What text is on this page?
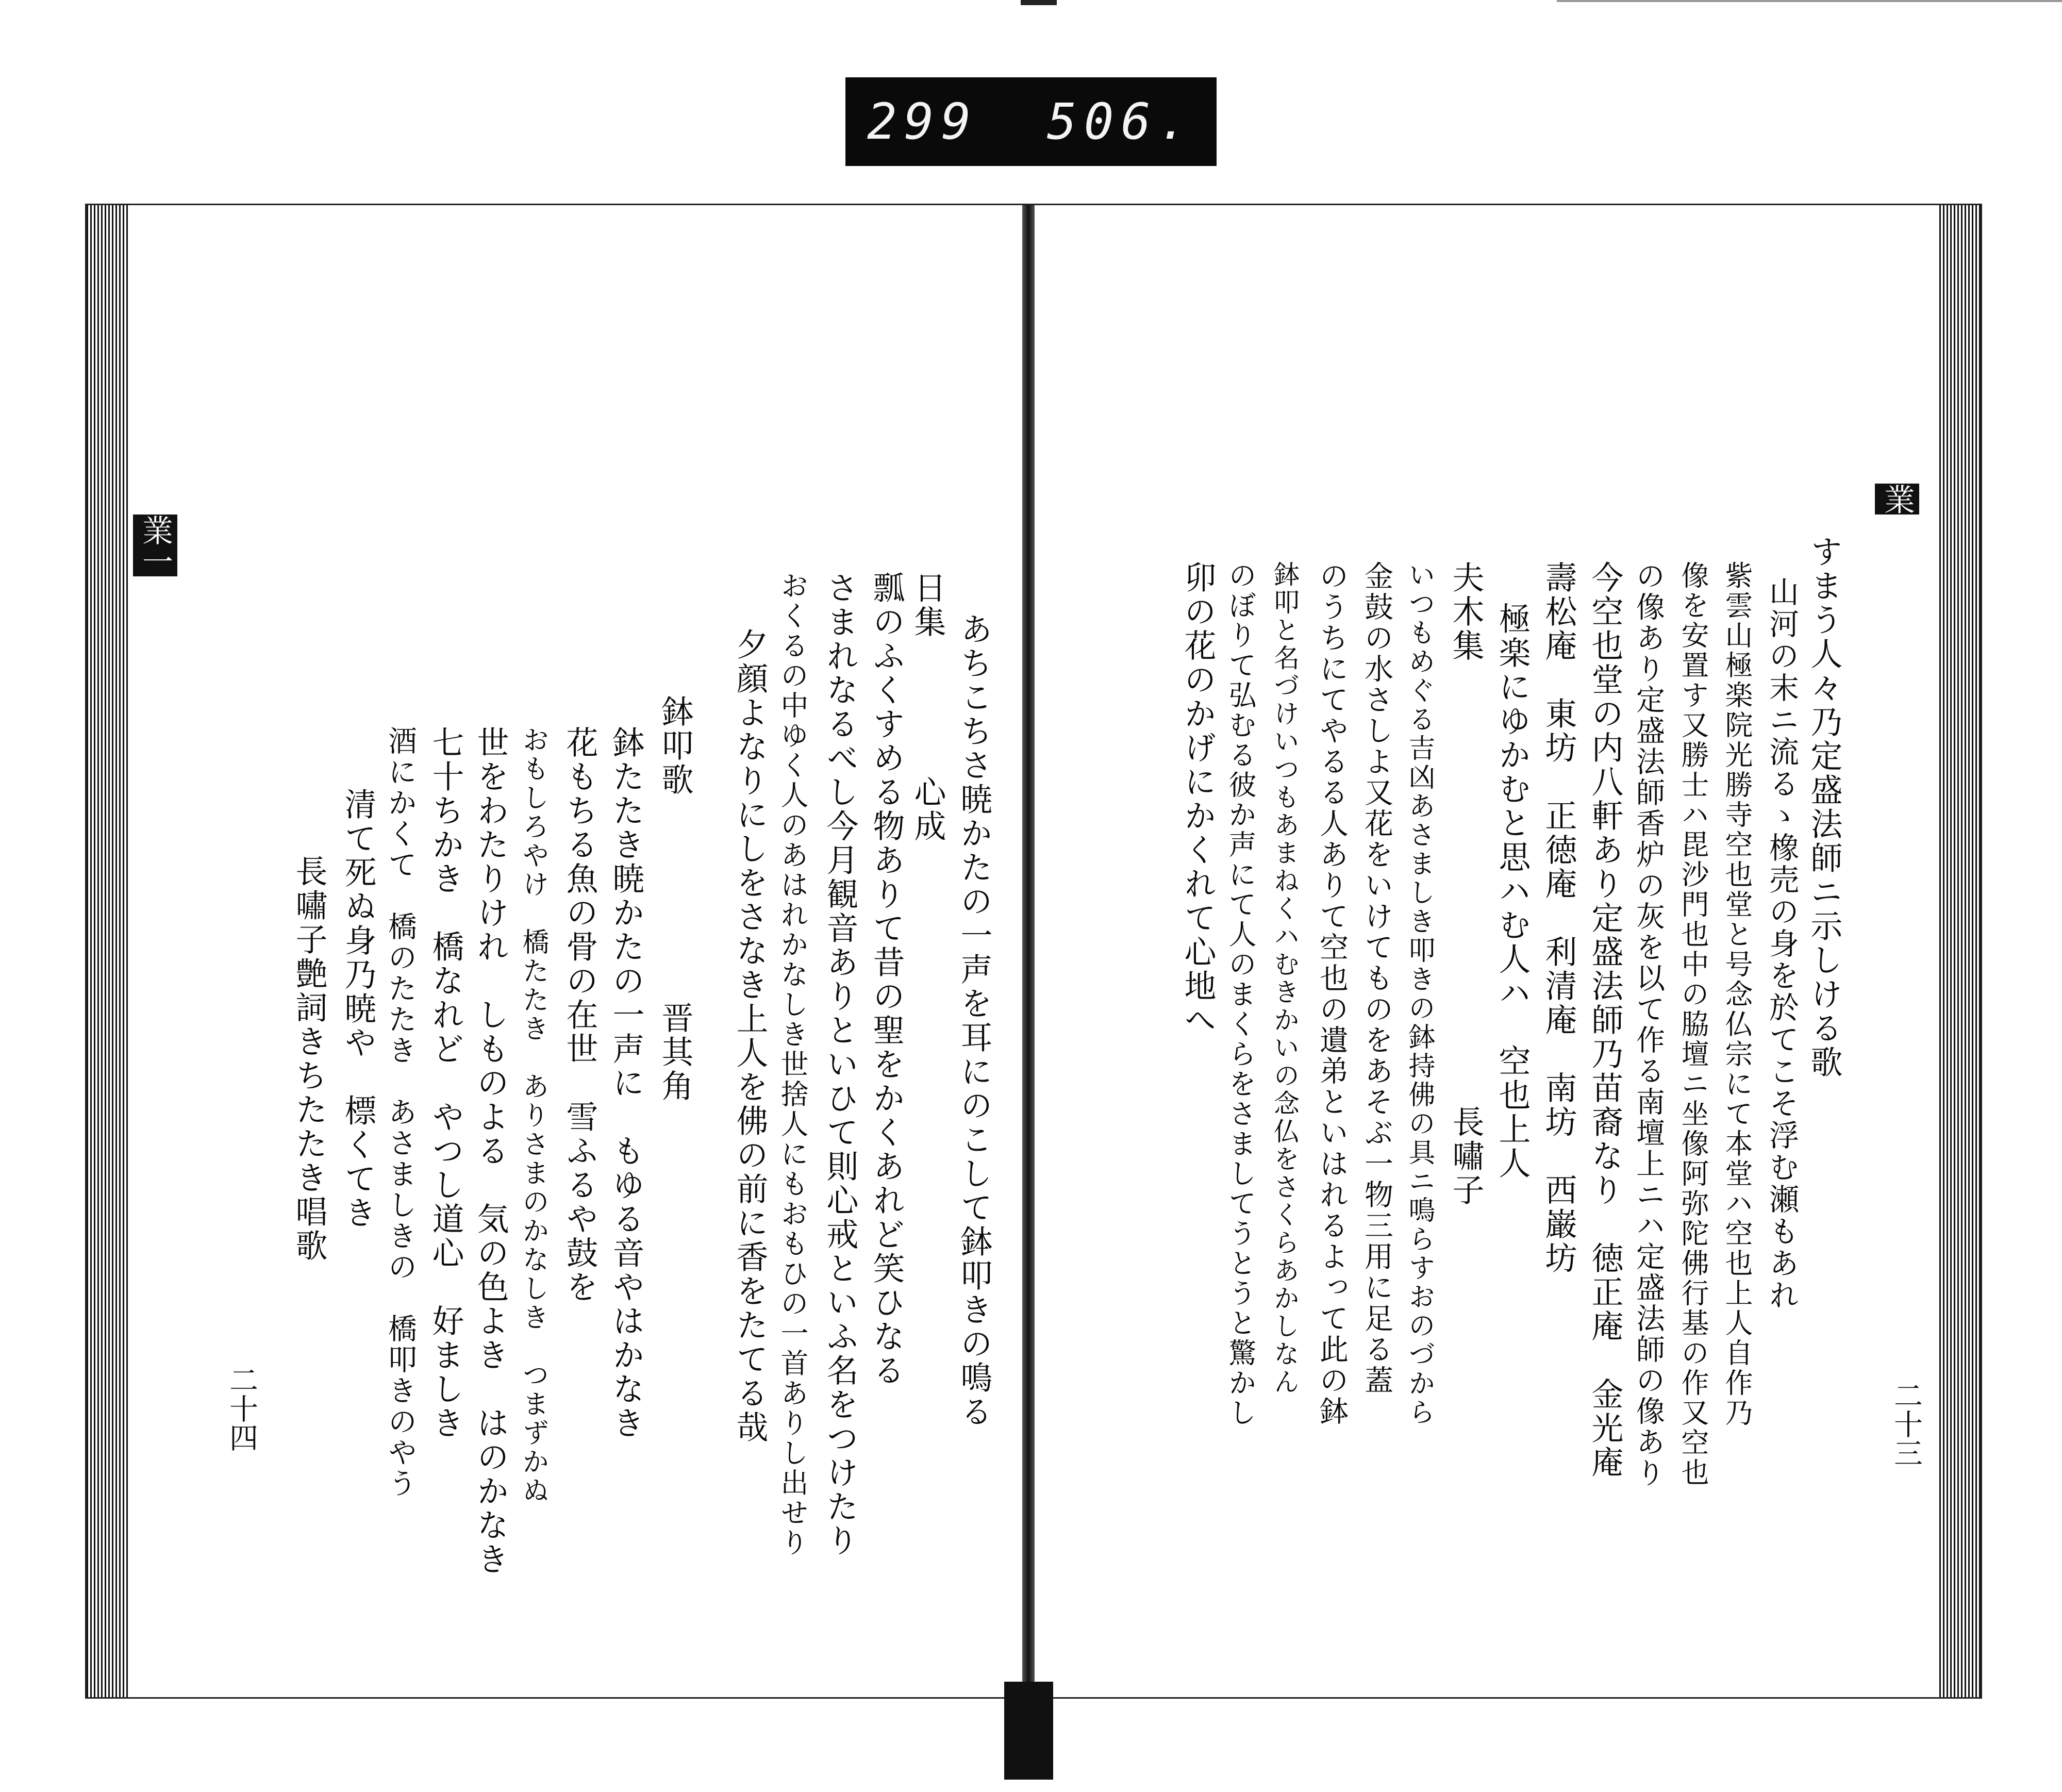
299 506.
あちこちさ暁かたの一声を耳にのこして鉢叩きの鳴る
日集　　　　心成
瓢のふくすめる物ありて昔の聖をかくあれど笑ひなる
さまれなるべし今月観音ありといひて則心戒といふ名をつけたり
おくるの中ゆく人のあはれかなしき世捨人にもおもひの一首ありし出せり
夕顔よなりにしをさなき上人を佛の前に香をたてる哉
鉢叩歌　　　　　　晋其角
鉢たたき暁かたの一声に　もゆる音やはかなき
花もちる魚の骨の在世　雪ふるや鼓を
おもしろやけ　橋たたき　ありさまのかなしき　つまずかぬ
世をわたりけれ　しものよる　気の色よき　はのかなき
七十ちかき　橋なれど　やつし道心　好ましき
酒にかくて　橋のたたき　あさましきの　橋叩きのやう
清て死ぬ身乃暁や　標くてき
長嘯子艶詞きちたたき唱歌
業一
二十四
すまう人々乃定盛法師ニ示しける歌
山河の末ニ流るゝ橡売の身を於てこそ浮む瀬もあれ
紫雲山極楽院光勝寺空也堂と号念仏宗にて本堂ハ空也上人自作乃
像を安置す又勝士ハ毘沙門也中の脇壇ニ坐像阿弥陀佛行基の作又空也
の像あり定盛法師香炉の灰を以て作る南壇上ニハ定盛法師の像あり
今空也堂の内八軒あり定盛法師乃苗裔なり　徳正庵　金光庵
壽松庵　東坊　正徳庵　利清庵　南坊　西巌坊
極楽にゆかむと思ハむ人ハ　空也上人
夫木集　　　　　　　　　　　　　長嘯子
いつもめぐる吉凶あさましき叩きの鉢持佛の具ニ鳴らすおのづから
金鼓の水さしよ又花をいけてものをあそぶ一物三用に足る蓋
のうちにてやるる人ありて空也の遺弟といはれるよって此の鉢
鉢叩と名づけいつもあまねくハむきかいの念仏をさくらあかしなん
のぼりて弘むる彼か声にて人のまくらをさましてうとうと驚かし
卯の花のかげにかくれて心地へ
業
二十三
